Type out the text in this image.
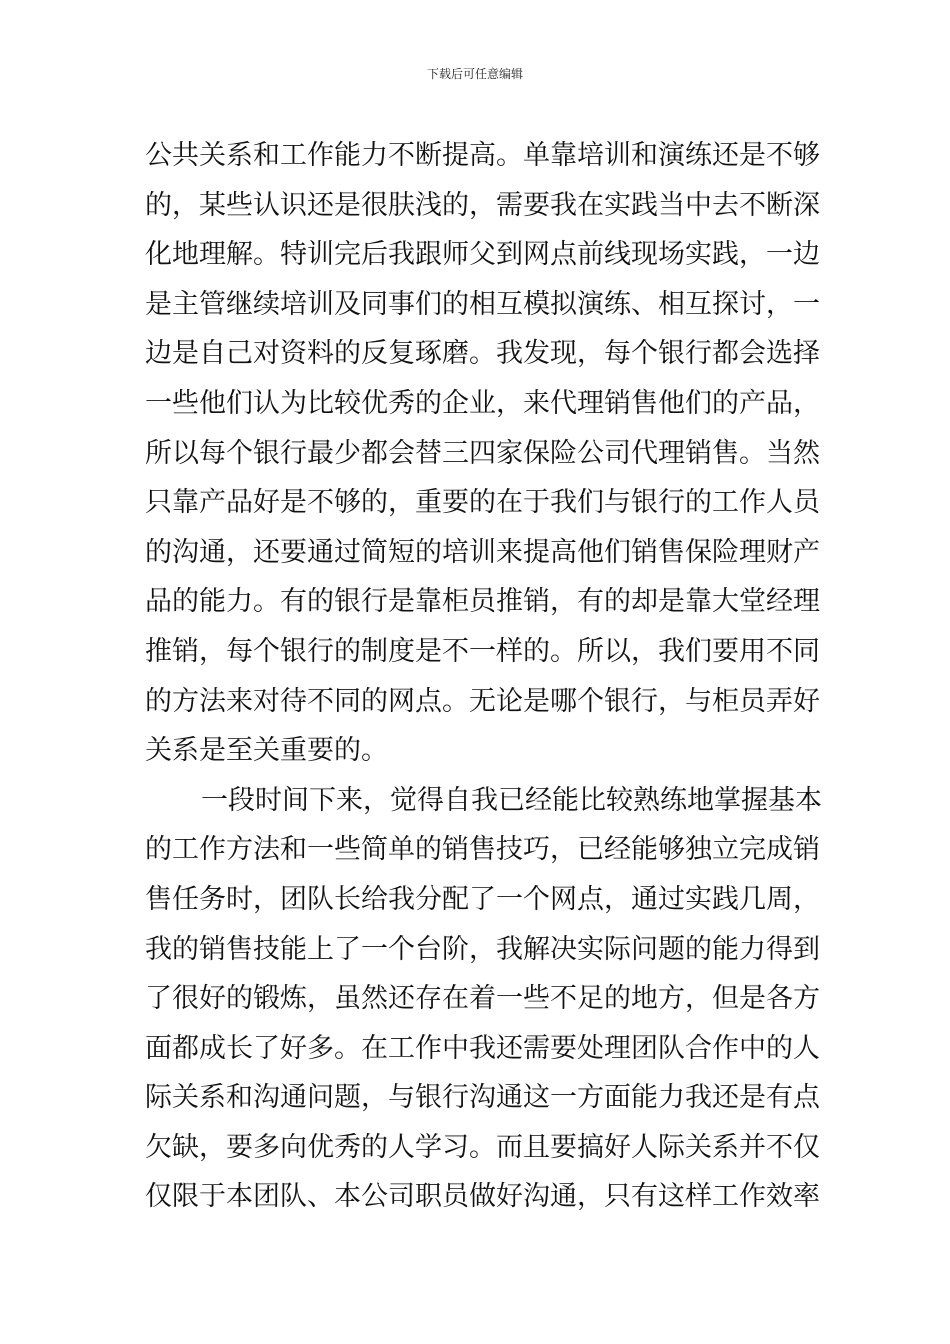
下载后可任意编辑
公共关系和工作能力不断提高。单靠培训和演练还是不够
的，某些认识还是很肤浅的，需要我在实践当中去不断深
化地理解。特训完后我跟师父到网点前线现场实践，一边
是主管继续培训及同事们的相互模拟演练、相互探讨，一
边是自己对资料的反复琢磨。我发现，每个银行都会选择
一些他们认为比较优秀的企业，来代理销售他们的产品，
所以每个银行最少都会替三四家保险公司代理销售。当然
只靠产品好是不够的，重要的在于我们与银行的工作人员
的沟通，还要通过简短的培训来提高他们销售保险理财产
品的能力。有的银行是靠柜员推销，有的却是靠大堂经理
推销，每个银行的制度是不一样的。所以，我们要用不同
的方法来对待不同的网点。无论是哪个银行，与柜员弄好
关系是至关重要的。
一段时间下来，觉得自我已经能比较熟练地掌握基本
的工作方法和一些简单的销售技巧，已经能够独立完成销
售任务时，团队长给我分配了一个网点，通过实践几周，
我的销售技能上了一个台阶，我解决实际问题的能力得到
了很好的锻炼，虽然还存在着一些不足的地方，但是各方
面都成长了好多。在工作中我还需要处理团队合作中的人
际关系和沟通问题，与银行沟通这一方面能力我还是有点
欠缺，要多向优秀的人学习。而且要搞好人际关系并不仅
仅限于本团队、本公司职员做好沟通，只有这样工作效率
